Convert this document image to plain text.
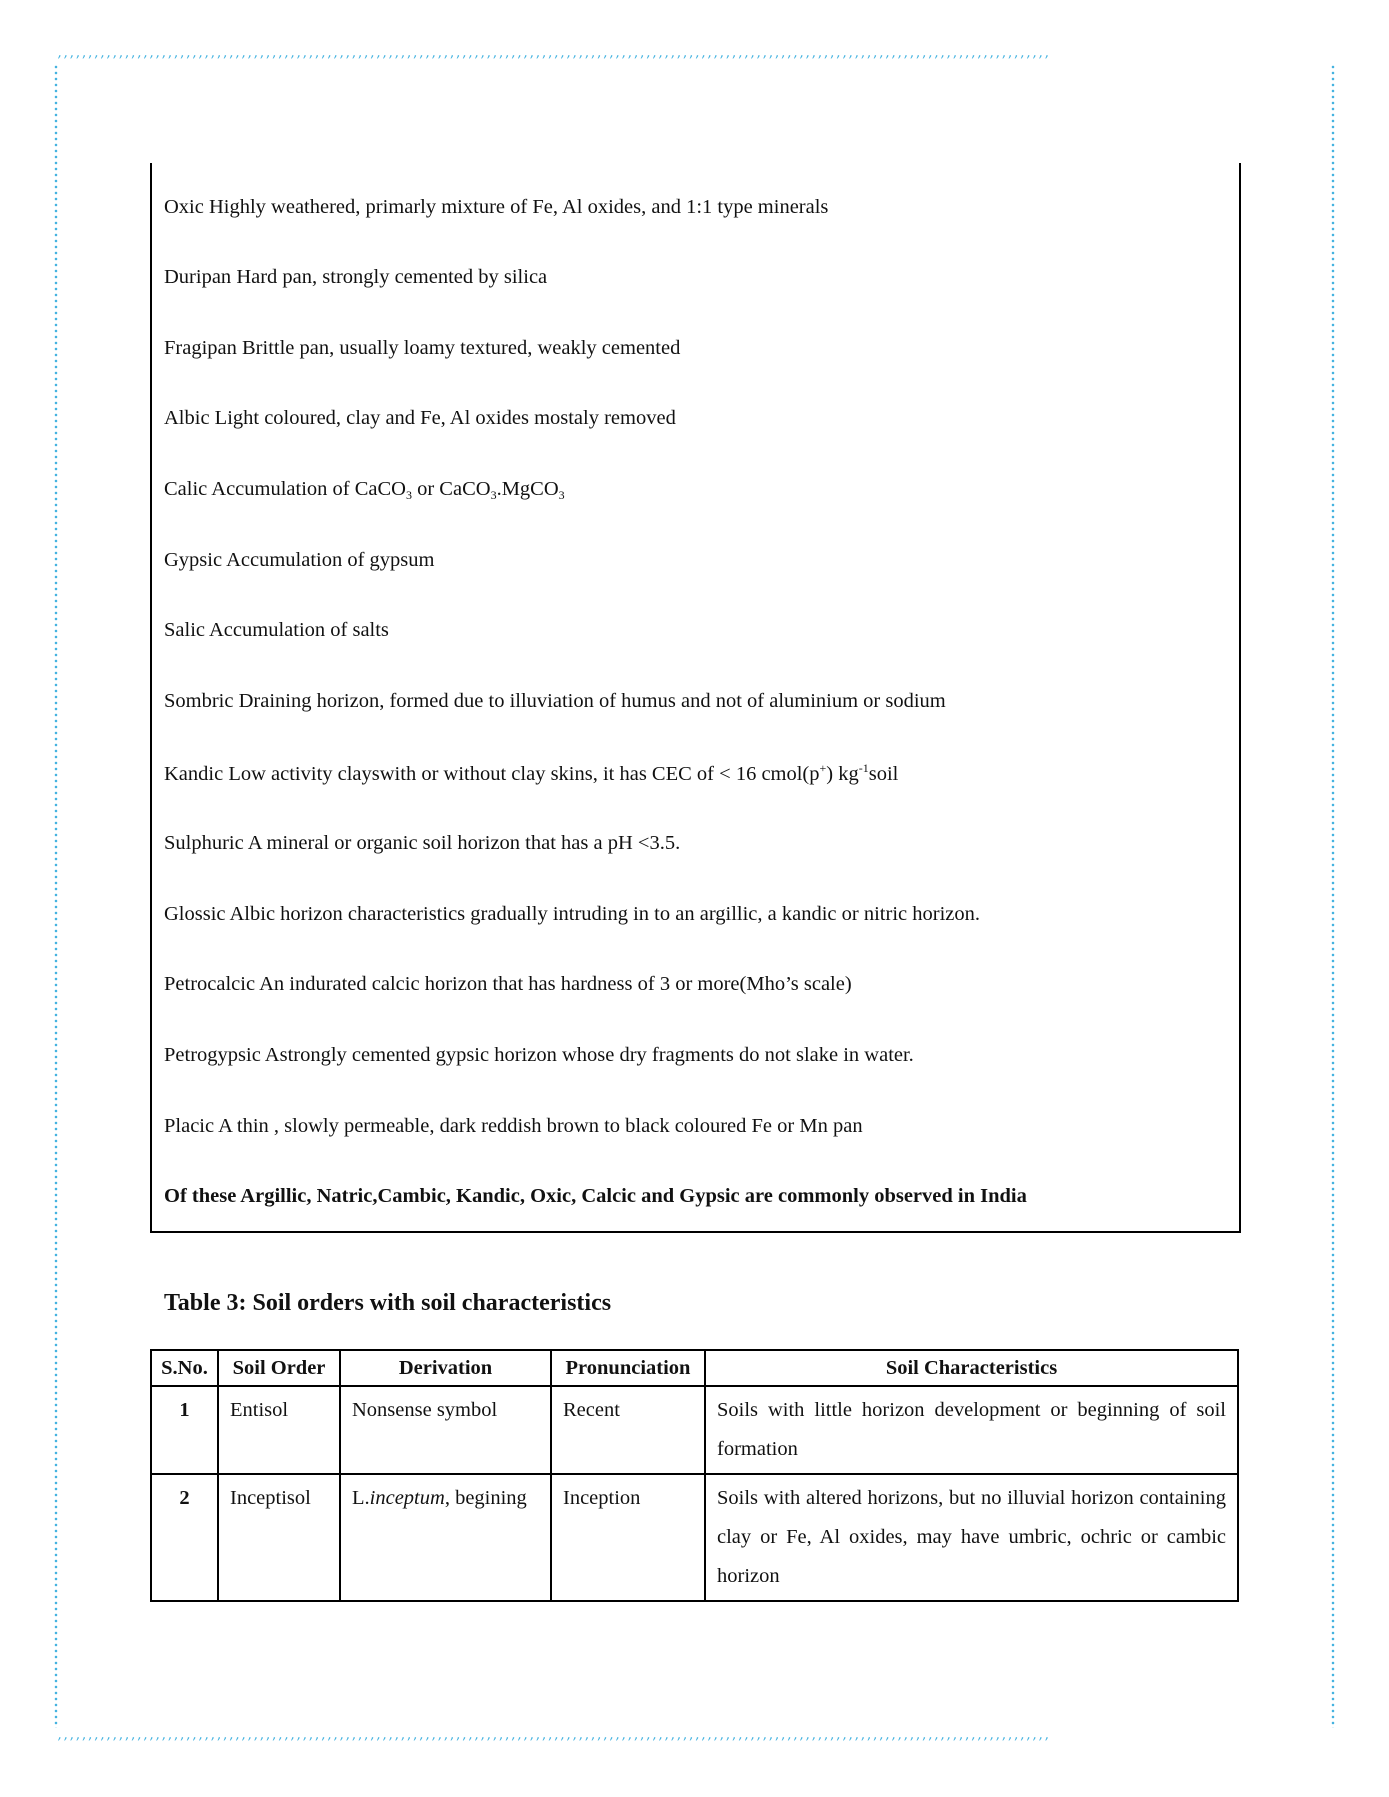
,,,,,,,,,,,,,,,,,,,,,,,,,,,,,,,,,,,,,,,,,,,,,,,,,,,,,,,,,,,,,,,,,,,,,,,,,,,,,,,,,,,,,,,,,,,,,,,,,,,,,,,,,,,,,,,,,,,,,,,,,,,,,,,,,,,,,,,,,,,,,,,,,,,,,,,,,,,,,,,,,,
,,,,,,,,,,,,,,,,,,,,,,,,,,,,,,,,,,,,,,,,,,,,,,,,,,,,,,,,,,,,,,,,,,,,,,,,,,,,,,,,,,,,,,,,,,,,,,,,,,,,,,,,,,,,,,,,,,,,,,,,,,,,,,,,,,,,,,,,,,,,,,,,,,,,,,,,,,,,,,,,,,
Oxic Highly weathered, primarly mixture of Fe, Al oxides, and 1:1 type minerals
Duripan Hard pan, strongly cemented by silica
Fragipan Brittle pan, usually loamy textured, weakly cemented
Albic Light coloured, clay and Fe, Al oxides mostaly removed
Calic Accumulation of CaCO$_3$ or CaCO$_3$.MgCO$_3$
Gypsic Accumulation of gypsum
Salic Accumulation of salts
Sombric Draining horizon, formed due to illuviation of humus and not of aluminium or sodium
Kandic Low activity clayswith or without clay skins, it has CEC of < 16 cmol(p+) $kg^{-1}soil$
Sulphuric A mineral or organic soil horizon that has a pH <3.5.
Glossic Albic horizon characteristics gradually intruding in to an argillic, a kandic or nitric horizon.
Petrocalcic An indurated calcic horizon that has hardness of 3 or more(Mho’s scale)
Petrogypsic Astrongly cemented gypsic horizon whose dry fragments do not slake in water.
Placic A thin , slowly permeable, dark reddish brown to black coloured Fe or Mn pan
Of these Argillic, Natric,Cambic, Kandic, Oxic, Calcic and Gypsic are commonly observed in India
Table 3: Soil orders with soil characteristics
S.No.	Soil Order	Derivation	Pronunciation	Soil Characteristics
1	Entisol	Nonsense symbol	Recent	Soils with little horizon development or beginning of soil formation
2	Inceptisol	L.inceptum, begining	Inception	Soils with altered horizons, but no illuvial horizon containing clay or Fe, Al oxides, may have umbric, ochric or cambic horizon
